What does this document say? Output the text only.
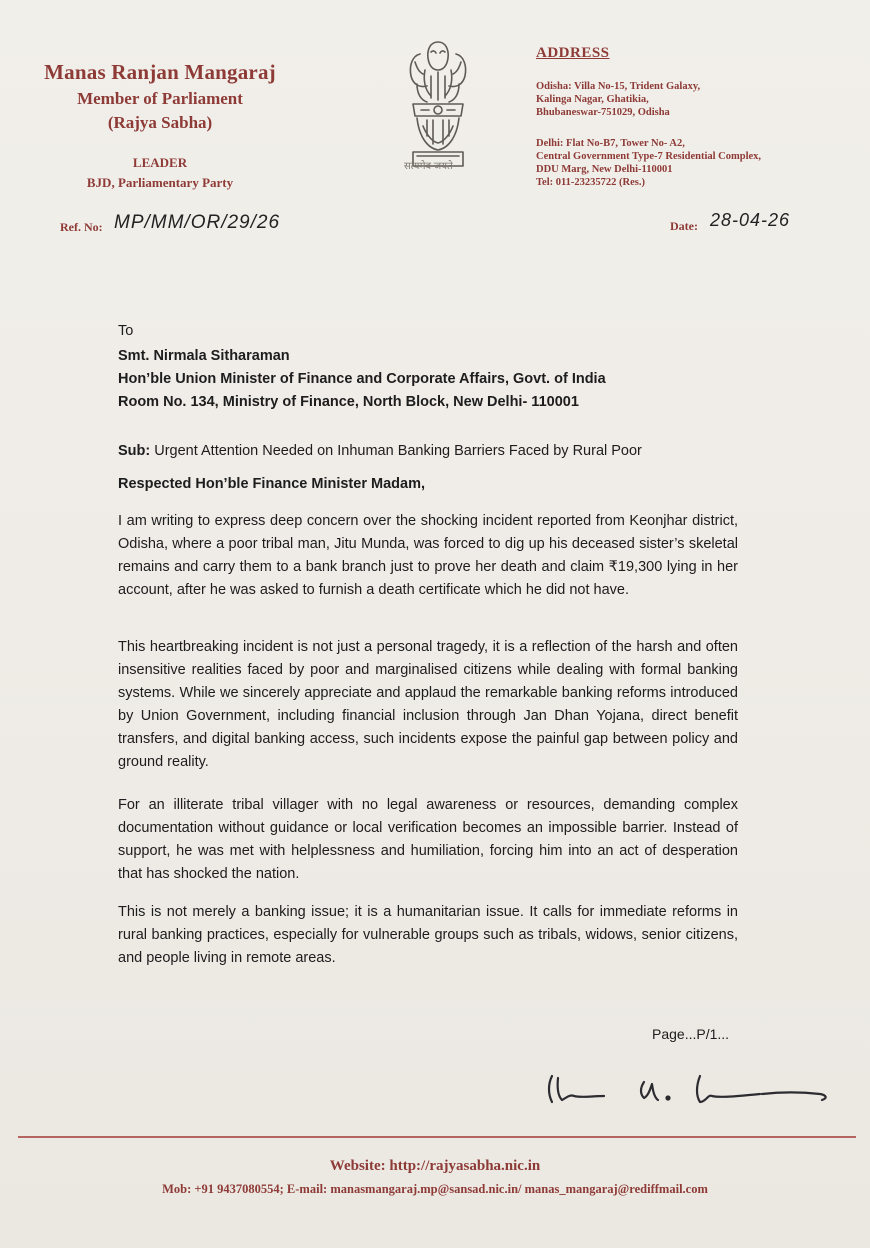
Manas Ranjan Mangaraj
Member of Parliament
(Rajya Sabha)
LEADER
BJD, Parliamentary Party
सत्यमेव जयते
ADDRESS
Odisha: Villa No-15, Trident Galaxy,
Kalinga Nagar, Ghatikia,
Bhubaneswar-751029, Odisha
Delhi: Flat No-B7, Tower No- A2,
Central Government Type-7 Residential Complex,
DDU Marg, New Delhi-110001
Tel: 011-23235722 (Res.)
Ref. No: MP/MM/OR/29/26	Date: 28-04-26
To
Smt. Nirmala Sitharaman
Hon’ble Union Minister of Finance and Corporate Affairs, Govt. of India
Room No. 134, Ministry of Finance, North Block, New Delhi- 110001
Sub: Urgent Attention Needed on Inhuman Banking Barriers Faced by Rural Poor
Respected Hon’ble Finance Minister Madam,
I am writing to express deep concern over the shocking incident reported from Keonjhar district, Odisha, where a poor tribal man, Jitu Munda, was forced to dig up his deceased sister’s skeletal remains and carry them to a bank branch just to prove her death and claim ₹19,300 lying in her account, after he was asked to furnish a death certificate which he did not have.
This heartbreaking incident is not just a personal tragedy, it is a reflection of the harsh and often insensitive realities faced by poor and marginalised citizens while dealing with formal banking systems. While we sincerely appreciate and applaud the remarkable banking reforms introduced by Union Government, including financial inclusion through Jan Dhan Yojana, direct benefit transfers, and digital banking access, such incidents expose the painful gap between policy and ground reality.
For an illiterate tribal villager with no legal awareness or resources, demanding complex documentation without guidance or local verification becomes an impossible barrier. Instead of support, he was met with helplessness and humiliation, forcing him into an act of desperation that has shocked the nation.
This is not merely a banking issue; it is a humanitarian issue. It calls for immediate reforms in rural banking practices, especially for vulnerable groups such as tribals, widows, senior citizens, and people living in remote areas.
Page...P/1...
Website: http://rajyasabha.nic.in
Mob: +91 9437080554; E-mail: manasmangaraj.mp@sansad.nic.in/ manas_mangaraj@rediffmail.com
